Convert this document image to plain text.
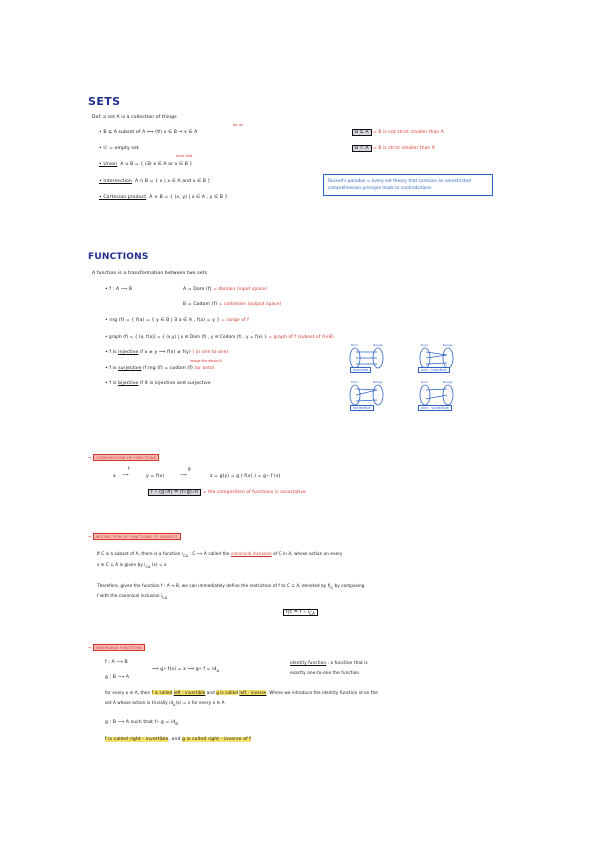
SETS
Def. a set A is a collection of things
for all
• B ⊆ A subset of A ⟺ (∀) x ∈ B ⇒ x ∈ A
• ∅ = empty set
exist that
• Union A ∪ B = { (∃) x ∈ A or x ∈ B }
• Intersection A ∩ B = { x | x ∈ A and x ∈ B }
• Cartesian product A × B = { (x, y) | x ∈ A , y ∈ B }
B ⊆ A = B is not strict smaller than A
B ⊂ A = B is strict smaller than A
Russell's paradox = every set theory that contains an unrestricted comprehension principle leads to contradictions.
FUNCTIONS
A function is a transformation between two sets
• f : A ⟶ B	A = Dom (f) = domain (input space)
B = Codom (f) = codomain (output space)
• rng (f) = { f(a) = { y ∈ B | ∃ a ∈ A , f(a) = y } = range of f
• graph (f) = { (a, f(a)) = { (x,y) | x ∈ Dom (f) , y ∈ Codom (f) , y = f(x) } = graph of f (subset of A×B)
• f is injective if x ≠ y ⟹ f(x) ≠ f(y) ( or one to one)
image the whole B
• f is surjective if rng (f) = codom (f) (or onto)
• f is bijective if it is injective and surjective
Dom	Range	Dom	Range
Dom	Range	Dom	Range
injective	non - injective
surjective	non - surjective
→ COMPOSITIONS OF FUNCTIONS
x
f
⟶	y = f(x)
g
⟶	z = g(y) = g ( f(x) ) = g∘ f (x)
f ∘ (g∘h) = (f∘g)∘h = the composition of functions is associative
→ RESTRICTION OF FUNCTIONS TO SUBSETS
If C is a subset of A, there is a function $i_{CA}$ : C ⟶ A called the canonical inclusion of C in A, whose action on every
x ∈ C ⊆ A is given by $i_{CA}$ (x) = x
Therefore, given the function f : A → B, we can immediately define the restriction of f to C ⊆ A, denoted by $f|_C$ by composing
f with the canonical inclusion $i_{CA}$
f|c = f ∘ $i_{CA}$
→ INVERSIBLE FUNCTIONS
f : A ⟶ B
g : B ⟶ A
⟹ g∘ f(x) = x ⟹ g∘ $f = id_A$
identity function : a function that is
exactly one-to-one the function
for every x ∈ A, then f is called left - invertible and g is called left - inverse. Where we introduce the identity function id on the
set A whose action is trivially $id_A(x) = x$ for every x ∈ A
g : B ⟶ A such that f∘ $g = id_B$
f is called right - invertible, and g is called right - inverse of f
